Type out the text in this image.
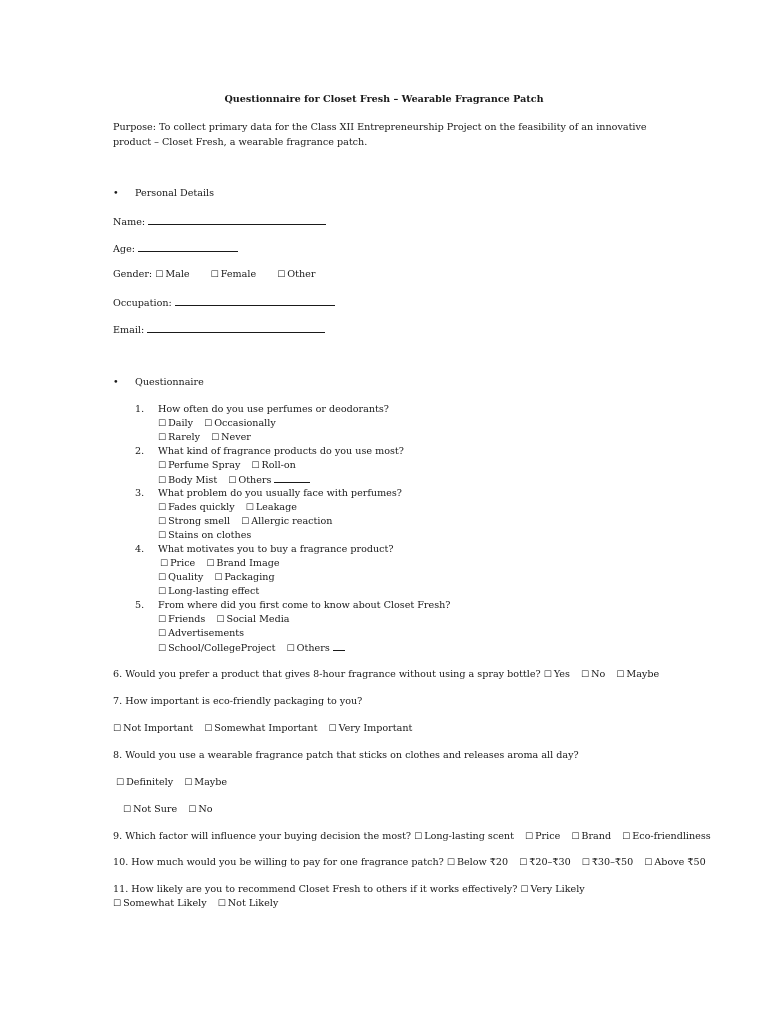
Questionnaire for Closet Fresh – Wearable Fragrance Patch
Purpose: To collect primary data for the Class XII Entrepreneurship Project on the feasibility of an innovative product – Closet Fresh, a wearable fragrance patch.
• Personal Details
Name:
Age:
Gender: ☐ Male ☐ Female ☐ Other
Occupation:
Email:
• Questionnaire
1.	How often do you use perfumes or deodorants?
☐ Daily ☐ Occasionally
☐ Rarely ☐ Never
2.	What kind of fragrance products do you use most?
☐ Perfume Spray ☐ Roll-on
☐ Body Mist ☐ Others
3.	What problem do you usually face with perfumes?
☐ Fades quickly ☐ Leakage
☐ Strong smell ☐ Allergic reaction
☐ Stains on clothes
4.	What motivates you to buy a fragrance product?
☐ Price ☐ Brand Image
☐ Quality ☐ Packaging
☐ Long-lasting effect
5.	From where did you first come to know about Closet Fresh?
☐ Friends ☐ Social Media
☐ Advertisements
☐ School/CollegeProject ☐ Others
6. Would you prefer a product that gives 8-hour fragrance without using a spray bottle? ☐ Yes ☐ No ☐ Maybe
7. How important is eco-friendly packaging to you?
☐ Not Important ☐ Somewhat Important ☐ Very Important
8. Would you use a wearable fragrance patch that sticks on clothes and releases aroma all day?
☐ Definitely ☐ Maybe
☐ Not Sure ☐ No
9. Which factor will influence your buying decision the most? ☐ Long-lasting scent ☐ Price ☐ Brand ☐ Eco-friendliness
10. How much would you be willing to pay for one fragrance patch? ☐ Below ₹20 ☐ ₹20–₹30 ☐ ₹30–₹50 ☐ Above ₹50
11. How likely are you to recommend Closet Fresh to others if it works effectively? ☐ Very Likely ☐ Somewhat Likely ☐ Not Likely
